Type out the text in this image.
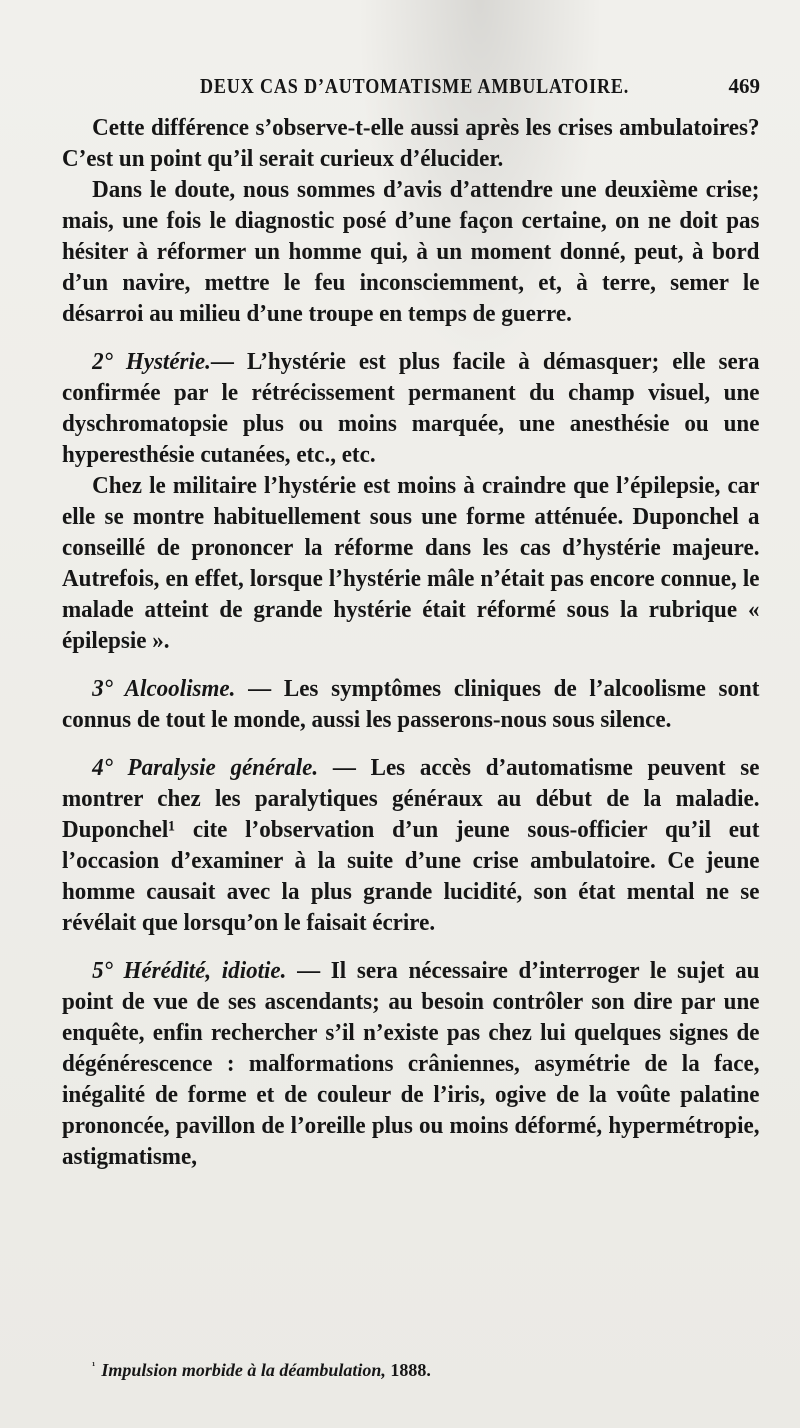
DEUX CAS D’AUTOMATISME AMBULATOIRE.	469

Cette différence s’observe-t-elle aussi après les crises ambulatoires? C’est un point qu’il serait curieux d’élucider.

Dans le doute, nous sommes d’avis d’attendre une deuxième crise; mais, une fois le diagnostic posé d’une façon certaine, on ne doit pas hésiter à réformer un homme qui, à un moment donné, peut, à bord d’un navire, mettre le feu inconsciemment, et, à terre, semer le désarroi au milieu d’une troupe en temps de guerre.

2° Hystérie.— L’hystérie est plus facile à démasquer; elle sera confirmée par le rétrécissement permanent du champ visuel, une dyschromatopsie plus ou moins marquée, une anesthésie ou une hyperesthésie cutanées, etc., etc.

Chez le militaire l’hystérie est moins à craindre que l’épilepsie, car elle se montre habituellement sous une forme atténuée. Duponchel a conseillé de prononcer la réforme dans les cas d’hystérie majeure. Autrefois, en effet, lorsque l’hystérie mâle n’était pas encore connue, le malade atteint de grande hystérie était réformé sous la rubrique « épilepsie ».

3° Alcoolisme. — Les symptômes cliniques de l’alcoolisme sont connus de tout le monde, aussi les passerons-nous sous silence.

4° Paralysie générale. — Les accès d’automatisme peuvent se montrer chez les paralytiques généraux au début de la maladie. Duponchel¹ cite l’observation d’un jeune sous-officier qu’il eut l’occasion d’examiner à la suite d’une crise ambulatoire. Ce jeune homme causait avec la plus grande lucidité, son état mental ne se révélait que lorsqu’on le faisait écrire.

5° Hérédité, idiotie. — Il sera nécessaire d’interroger le sujet au point de vue de ses ascendants; au besoin contrôler son dire par une enquête, enfin rechercher s’il n’existe pas chez lui quelques signes de dégénérescence : malformations crâniennes, asymétrie de la face, inégalité de forme et de couleur de l’iris, ogive de la voûte palatine prononcée, pavillon de l’oreille plus ou moins déformé, hypermétropie, astigmatisme,

$^{^1}$ Impulsion morbide à la déambulation, 1888.
